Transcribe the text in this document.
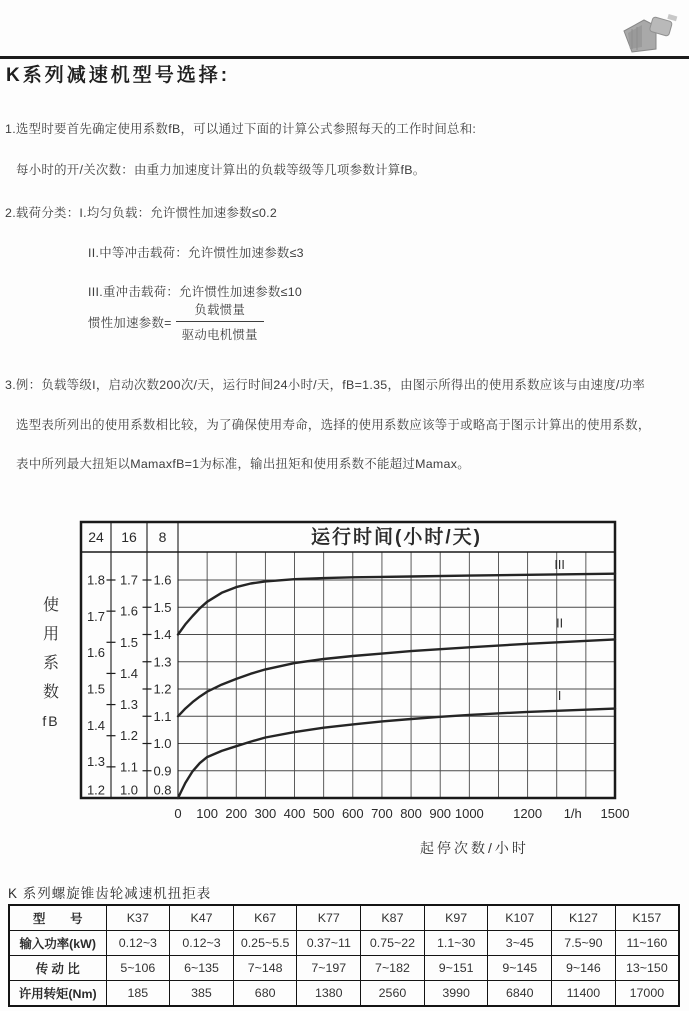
K系列减速机型号选择:

1.选型时要首先确定使用系数fB，可以通过下面的计算公式参照每天的工作时间总和:

每小时的开/关次数：由重力加速度计算出的负载等级等几项参数计算fB。

2.载荷分类：I.均匀负载：允许惯性加速参数≤0.2

II.中等冲击载荷：允许惯性加速参数≤3

III.重冲击载荷：允许惯性加速参数≤10

惯性加速参数= $\frac{\text{负载惯量}}{\text{驱动电机惯量}}$

3.例：负载等级I，启动次数200次/天，运行时间24小时/天，fB=1.35，由图示所得出的使用系数应该与由速度/功率

选型表所列出的使用系数相比较，为了确保使用寿命，选择的使用系数应该等于或略高于图示计算出的使用系数，

表中所列最大扭矩以MamaxfB=1为标准，输出扭矩和使用系数不能超过Mamax。

使
用
系
数
fB
24 16 8	运行时间(小时/天)
1.8
1.7
1.6
1.5
1.4
1.3
1.2
1.7
1.6
1.5
1.4
1.3
1.2
1.1
1.0
1.6
1.5
1.4
1.3
1.2
1.1
1.0
0.9
0.8
0 100 200 300 400 500 600 700 800 900 1000 1200 1/h 1500
I
II
III
起停次数/小时
K 系列螺旋锥齿轮减速机扭拒表
型　　号	K37	K47	K67	K77	K87	K97	K107	K127	K157
输入功率(kW)	0.12~3	0.12~3	0.25~5.5	0.37~11	0.75~22	1.1~30	3~45	7.5~90	11~160
传 动 比	5~106	6~135	7~148	7~197	7~182	9~151	9~145	9~146	13~150
许用转矩(Nm)	185	385	680	1380	2560	3990	6840	11400	17000
